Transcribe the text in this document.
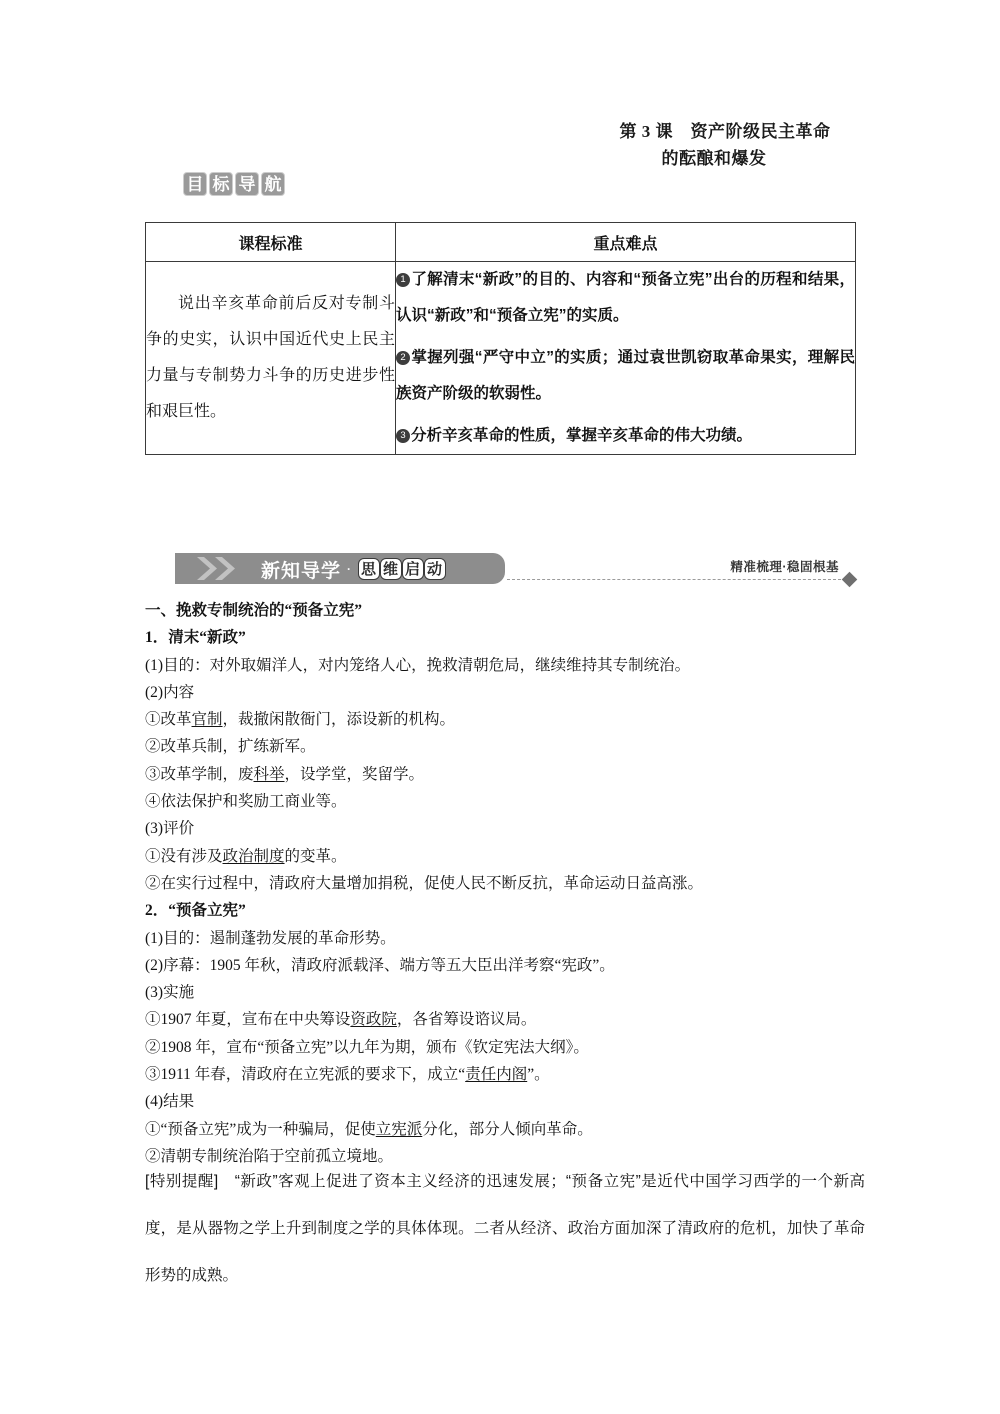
第 3 课　资产阶级民主革命
的酝酿和爆发
目 标 导 航
课程标准	重点难点

说出辛亥革命前后反对专制斗争的史实，认识中国近代史上民主力量与专制势力斗争的历史进步性和艰巨性。	1 了解清末“新政”的目的、内容和“预备立宪”出台的历程和结果，认识“新政”和“预备立宪”的实质。

2 掌握列强“严守中立”的实质；通过袁世凯窃取革命果实，理解民族资产阶级的软弱性。

3 分析辛亥革命的性质，掌握辛亥革命的伟大功绩。

新知导学 · 思 维 启 动	精准梳理·稳固根基

一、挽救专制统治的“预备立宪”

1．清末“新政”

(1)目的：对外取媚洋人，对内笼络人心，挽救清朝危局，继续维持其专制统治。

(2)内容

①改革官制，裁撤闲散衙门，添设新的机构。

②改革兵制，扩练新军。

③改革学制，废科举，设学堂，奖留学。

④依法保护和奖励工商业等。

(3)评价

①没有涉及政治制度的变革。

②在实行过程中，清政府大量增加捐税，促使人民不断反抗，革命运动日益高涨。

2．“预备立宪”

(1)目的：遏制蓬勃发展的革命形势。

(2)序幕：1905 年秋，清政府派载泽、端方等五大臣出洋考察“宪政”。

(3)实施

①1907 年夏，宣布在中央筹设资政院，各省筹设谘议局。

②1908 年，宣布“预备立宪”以九年为期，颁布《钦定宪法大纲》。

③1911 年春，清政府在立宪派的要求下，成立“责任内阁”。

(4)结果

①“预备立宪”成为一种骗局，促使立宪派分化，部分人倾向革命。

②清朝专制统治陷于空前孤立境地。

[特别提醒]　“新政”客观上促进了资本主义经济的迅速发展；“预备立宪”是近代中国学习西学的一个新高度，是从器物之学上升到制度之学的具体体现。二者从经济、政治方面加深了清政府的危机，加快了革命形势的成熟。
